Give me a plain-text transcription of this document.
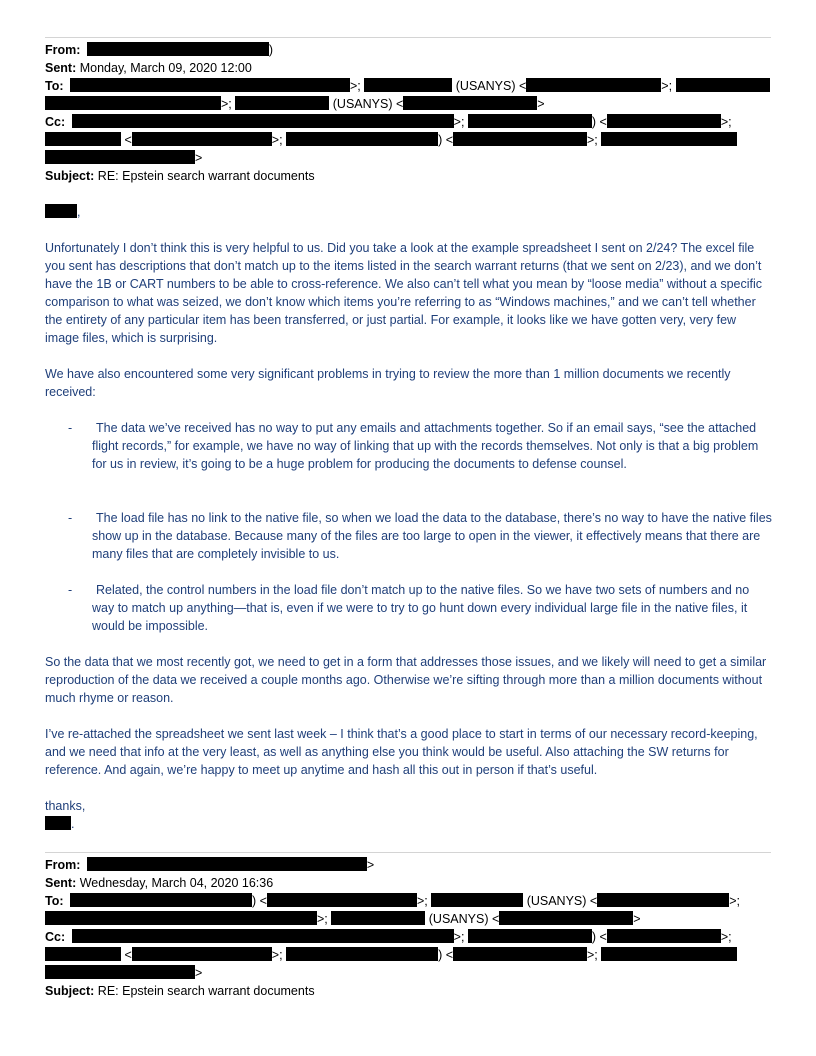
From:	)
Sent: Monday, March 09, 2020 12:00
To:	>;	(USANYS) <	>;
>;	(USANYS) <	>
Cc:	>;	) <	>;
<	>;	) <	>;
>
Subject: RE: Epstein search warrant documents
,

Unfortunately I don’t think this is very helpful to us. Did you take a look at the example spreadsheet I sent on 2/24? The excel file you sent has descriptions that don’t match up to the items listed in the search warrant returns (that we sent on 2/23), and we don’t have the 1B or CART numbers to be able to cross-reference. We also can’t tell what you mean by “loose media” without a specific comparison to what was seized, we don’t know which items you’re referring to as “Windows machines,” and we can’t tell whether the entirety of any particular item has been transferred, or just partial. For example, it looks like we have gotten very, very few image files, which is surprising.

We have also encountered some very significant problems in trying to review the more than 1 million documents we recently received:

-	The data we’ve received has no way to put any emails and attachments together. So if an email says, “see the attached flight records,” for example, we have no way of linking that up with the records themselves. Not only is that a big problem for us in review, it’s going to be a huge problem for producing the documents to defense counsel.
-	The load file has no link to the native file, so when we load the data to the database, there’s no way to have the native files show up in the database. Because many of the files are too large to open in the viewer, it effectively means that there are many files that are completely invisible to us.
-	Related, the control numbers in the load file don’t match up to the native files. So we have two sets of numbers and no way to match up anything—that is, even if we were to try to go hunt down every individual large file in the native files, it would be impossible.

So the data that we most recently got, we need to get in a form that addresses those issues, and we likely will need to get a similar reproduction of the data we received a couple months ago. Otherwise we’re sifting through more than a million documents without much rhyme or reason.

I’ve re-attached the spreadsheet we sent last week – I think that’s a good place to start in terms of our necessary record-keeping, and we need that info at the very least, as well as anything else you think would be useful. Also attaching the SW returns for reference. And again, we’re happy to meet up anytime and hash all this out in person if that’s useful.

thanks,

.
From:	>
Sent: Wednesday, March 04, 2020 16:36
To:	) <	>;	(USANYS) <	>;
>;	(USANYS) <	>
Cc:	>;	) <	>;
<	>;	) <	>;
>
Subject: RE: Epstein search warrant documents
